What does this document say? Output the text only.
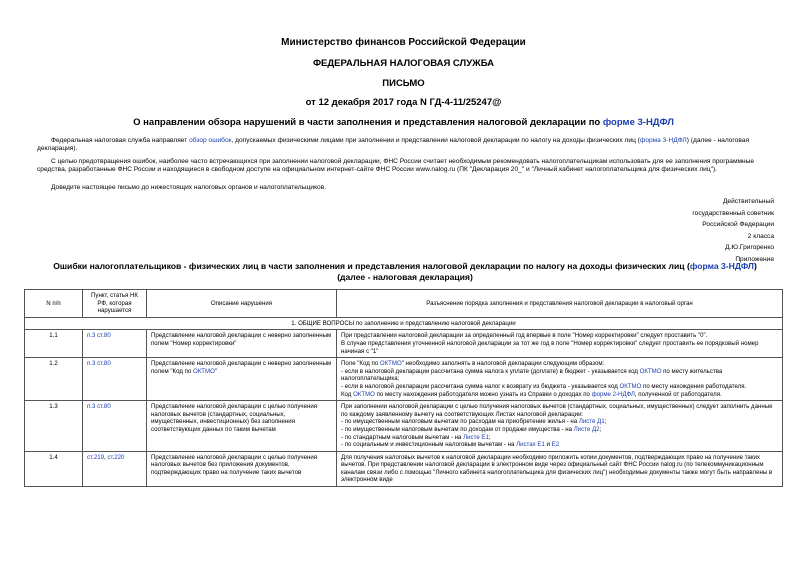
Министерство финансов Российской Федерации
ФЕДЕРАЛЬНАЯ НАЛОГОВАЯ СЛУЖБА
ПИСЬМО
от 12 декабря 2017 года N ГД-4-11/25247@
О направлении обзора нарушений в части заполнения и представления налоговой декларации по форме 3-НДФЛ
Федеральная налоговая служба направляет обзор ошибок, допускаемых физическими лицами при заполнении и представлении налоговой декларации по налогу на доходы физических лиц (форма 3-НДФЛ) (далее - налоговая декларация).
С целью предотвращения ошибок, наиболее часто встречающихся при заполнении налоговой декларации, ФНС России считает необходимым рекомендовать налогоплательщикам использовать для ее заполнения программные средства, разработанные ФНС России и находящиеся в свободном доступе на официальном интернет-сайте ФНС России www.nalog.ru (ПК "Декларация 20_" и "Личный кабинет налогоплательщика для физических лиц").
Доведите настоящее письмо до нижестоящих налоговых органов и налогоплательщиков.
Действительный
государственный советник
Российской Федерации
2 класса
Д.Ю.Григоренко
Приложение
Ошибки налогоплательщиков - физических лиц в части заполнения и представления налоговой декларации по налогу на доходы физических лиц (форма 3-НДФЛ)
(далее - налоговая декларация)
N п/п	Пункт, статья НК РФ, которая нарушается	Описание нарушения	Разъяснение порядка заполнения и представления налоговой декларации в налоговый орган
1. ОБЩИЕ ВОПРОСЫ по заполнению и представлению налоговой декларации			
1.1	п.3 ст.80	Представление налоговой декларации с неверно заполненным полем "Номер корректировки"	При представлении налоговой декларации за определенный год впервые в поле "Номер корректировки" следует проставить "0".
В случае представления уточненной налоговой декларации за тот же год в поле "Номер корректировки" следует проставить ее порядковый номер начиная с "1"

1.2	п.3 ст.80	Представление налоговой декларации с неверно заполненным полем "Код по ОКТМО"	Поле "Код по ОКТМО" необходимо заполнять в налоговой декларации следующим образом:
- если в налоговой декларации рассчитана сумма налога к уплате (доплате) в бюджет - указывается код ОКТМО по месту жительства налогоплательщика;
- если в налоговой декларации рассчитана сумма налог к возврату из бюджета - указывается код ОКТМО по месту нахождения работодателя.
Код ОКТМО по месту нахождения работодателя можно узнать из Справки о доходах по форме 2-НДФЛ, полученной от работодателя.

1.3	п.3 ст.80	Представление налоговой декларации с целью получения налоговых вычетов (стандартных, социальных, имущественных, инвестиционных) без заполнения соответствующих данных по таким вычетам	При заполнении налоговой декларации с целью получения налоговых вычетов (стандартных, социальных, имущественных) следует заполнить данные по каждому заявленному вычету на соответствующих Листах налоговой декларации:
- по имущественным налоговым вычетам по расходам на приобретение жилья - на Листе Д1;
- по имущественным налоговым вычетам по доходам от продажи имущества - на Листе Д2;
- по стандартным налоговым вычетам - на Листе Е1;
- по социальным и инвестиционным налоговым вычетам - на Листах Е1 и Е2

1.4	ст.219, ст.220	Представление налоговой декларации с целью получения налоговых вычетов без приложения документов, подтверждающих право на получение таких вычетов	Для получения налоговых вычетов к налоговой декларации необходимо приложить копии документов, подтверждающих право на получение таких вычетов. При представлении налоговой декларации в электронном виде через официальный сайт ФНС России nalog.ru (по телекоммуникационным каналам связи либо с помощью "Личного кабинета налогоплательщика для физических лиц") необходимые документы также могут быть направлены в электронном виде
